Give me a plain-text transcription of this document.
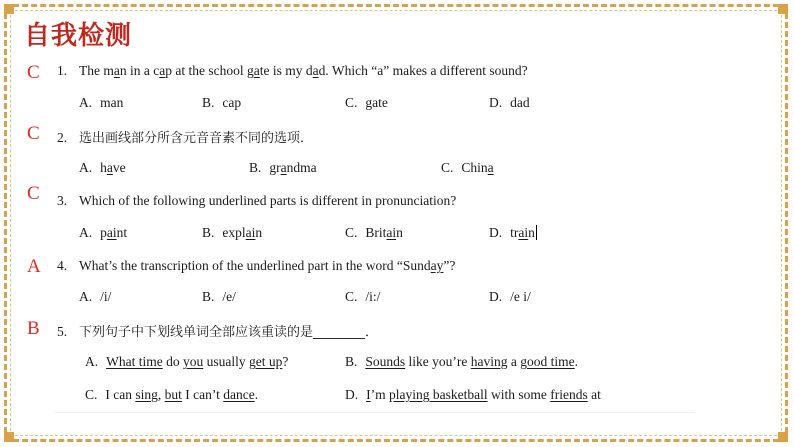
自我检测
C 1. The man in a cap at the school gate is my dad. Which “a” makes a different sound?
A. man	B. cap	C. gate	D. dad
C 2. 选出画线部分所含元音音素不同的选项．
A. have	B. grandma	C. China
C 3. Which of the following underlined parts is different in pronunciation?
A. paint	B. explain	C. Britain	D. train
A 4. What’s the transcription of the underlined part in the word “Sunday”?
A. /i/	B. /e/	C. /i:/	D. /e i/
B 5. 下列句子中下划线单词全部应该重读的是________．
A. What time do you usually get up?	B. Sounds like you’re having a good time.
C. I can sing, but I can’t dance.	D. I’m playing basketball with some friends at
